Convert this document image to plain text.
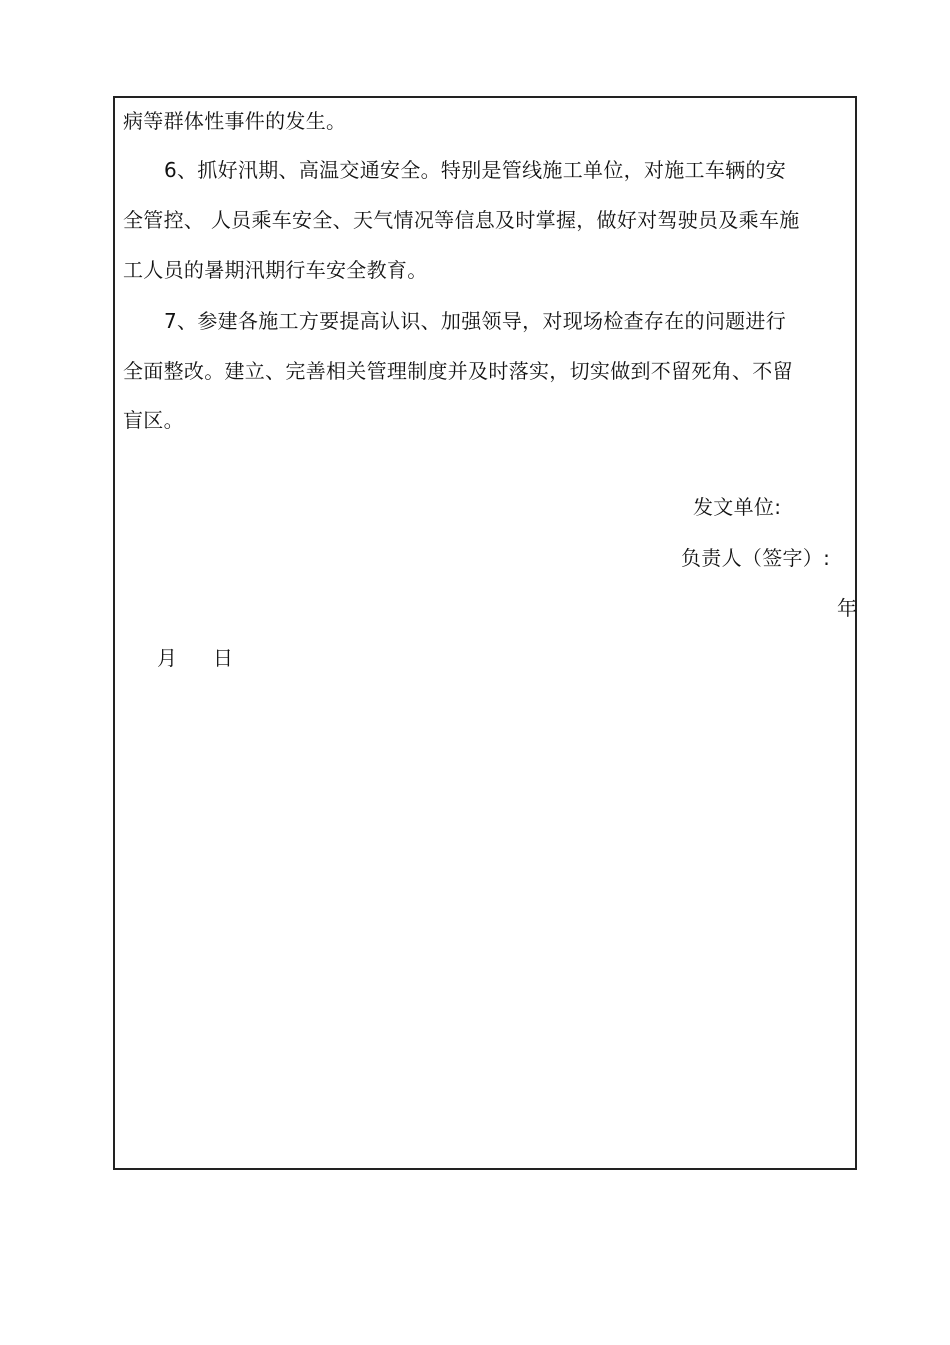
病等群体性事件的发生。
6、抓好汛期、高温交通安全。特别是管线施工单位，对施工车辆的安
全管控、 人员乘车安全、天气情况等信息及时掌握，做好对驾驶员及乘车施
工人员的暑期汛期行车安全教育。
7、参建各施工方要提高认识、加强领导，对现场检查存在的问题进行
全面整改。建立、完善相关管理制度并及时落实，切实做到不留死角、不留
盲区。
发文单位:
负责人（签字）:
年
月 日
